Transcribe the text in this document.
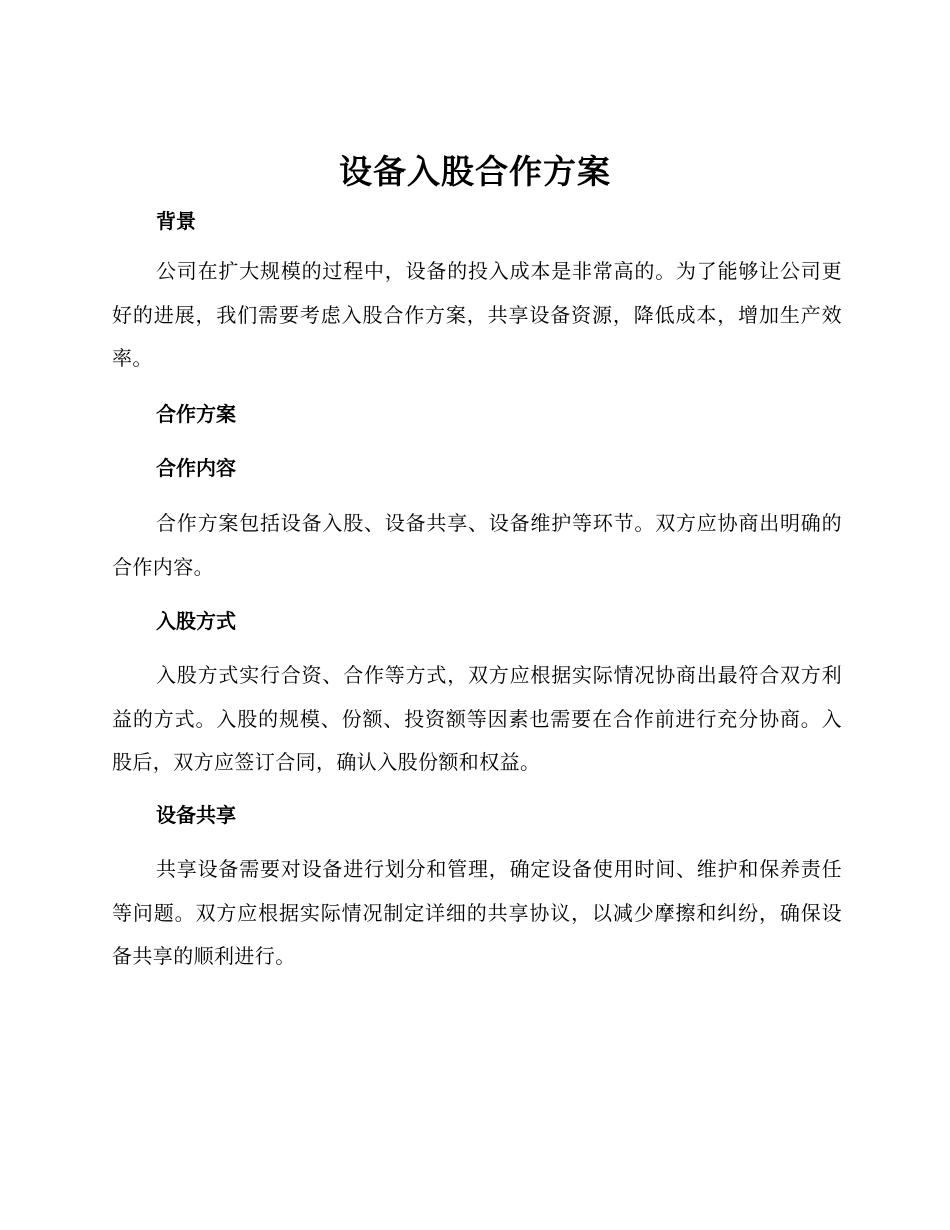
设备入股合作方案
背景

公司在扩大规模的过程中，设备的投入成本是非常高的。为了能够让公司更好的进展，我们需要考虑入股合作方案，共享设备资源，降低成本，增加生产效率。

合作方案
合作内容

合作方案包括设备入股、设备共享、设备维护等环节。双方应协商出明确的合作内容。

入股方式

入股方式实行合资、合作等方式，双方应根据实际情况协商出最符合双方利益的方式。入股的规模、份额、投资额等因素也需要在合作前进行充分协商。入股后，双方应签订合同，确认入股份额和权益。

设备共享

共享设备需要对设备进行划分和管理，确定设备使用时间、维护和保养责任等问题。双方应根据实际情况制定详细的共享协议，以减少摩擦和纠纷，确保设备共享的顺利进行。
